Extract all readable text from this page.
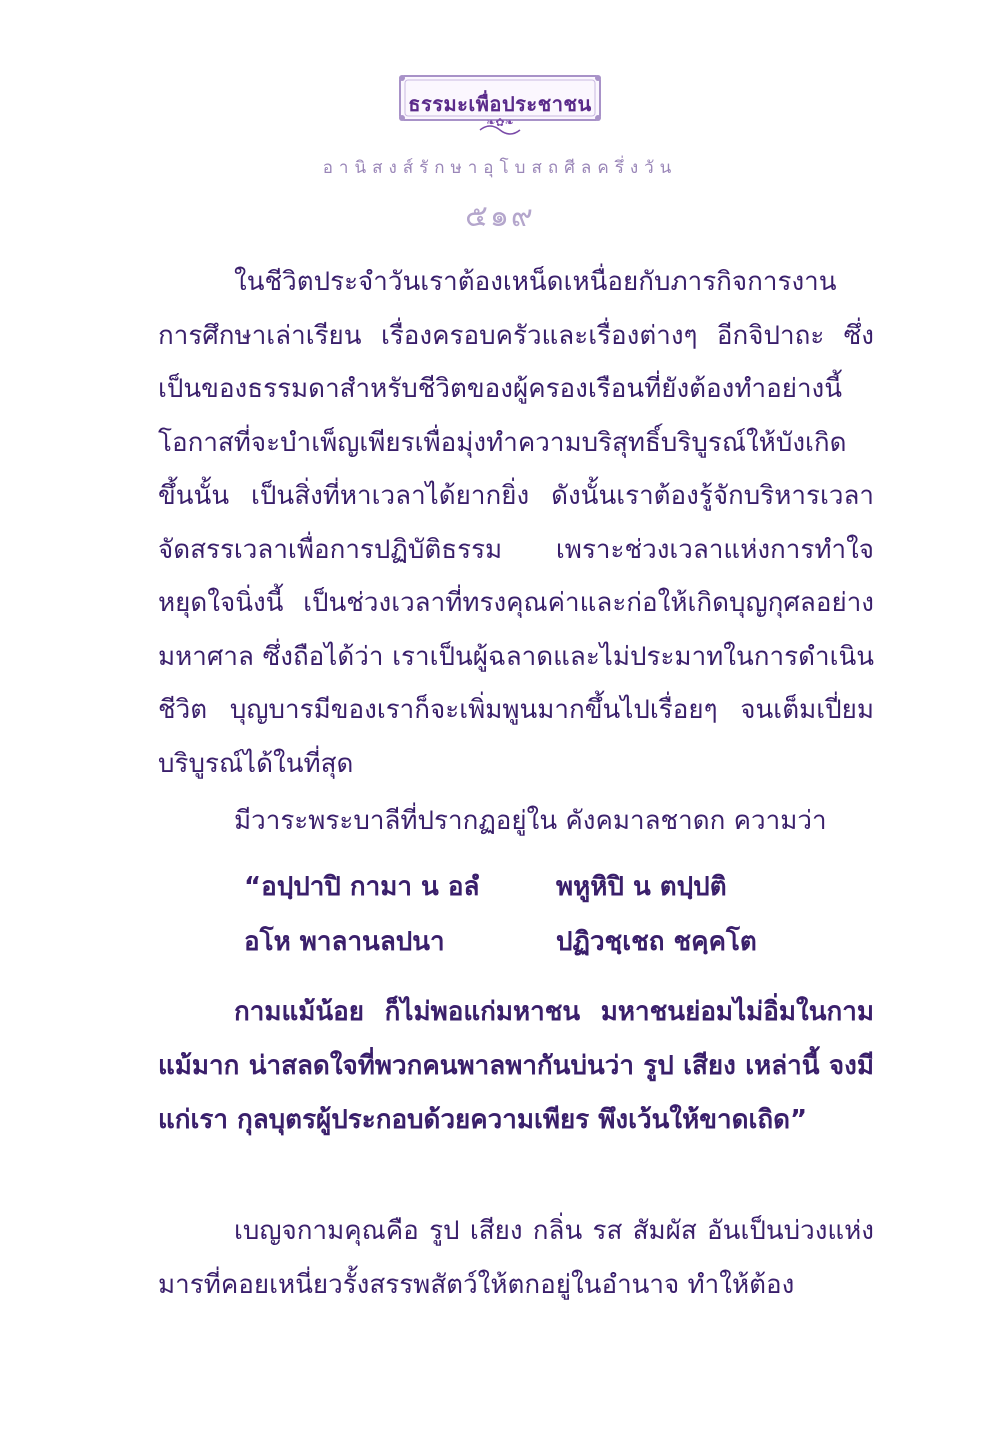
ธรรมะเพื่อประชาชน
❧✿❧
อานิสงส์รักษาอุโบสถศีลครึ่งวัน
๕๑๙

ในชีวิตประจำวันเราต้องเหน็ดเหนื่อยกับภารกิจการงาน การศึกษาเล่าเรียน เรื่องครอบครัวและเรื่องต่างๆ อีกจิปาถะ ซึ่งเป็นของธรรมดาสำหรับชีวิตของผู้ครองเรือนที่ยังต้องทำอย่างนี้ โอกาสที่จะบำเพ็ญเพียรเพื่อมุ่งทำความบริสุทธิ์บริบูรณ์ให้บังเกิดขึ้นนั้น เป็นสิ่งที่หาเวลาได้ยากยิ่ง ดังนั้นเราต้องรู้จักบริหารเวลา จัดสรรเวลาเพื่อการปฏิบัติธรรม เพราะช่วงเวลาแห่งการทำใจหยุดใจนิ่งนี้ เป็นช่วงเวลาที่ทรงคุณค่าและก่อให้เกิดบุญกุศลอย่างมหาศาล ซึ่งถือได้ว่า เราเป็นผู้ฉลาดและไม่ประมาทในการดำเนินชีวิต บุญบารมีของเราก็จะเพิ่มพูนมากขึ้นไปเรื่อยๆ จนเต็มเปี่ยมบริบูรณ์ได้ในที่สุด

มีวาระพระบาลีที่ปรากฏอยู่ใน คังคมาลชาดก ความว่า

“อปฺปาปิ กามา น อลํ	พหูหิปิ น ตปฺปติ
อโห พาลานลปนา	ปฏิวชฺเชถ ชคฺคโต

กามแม้น้อย ก็ไม่พอแก่มหาชน มหาชนย่อมไม่อิ่มในกามแม้มาก น่าสลดใจที่พวกคนพาลพากันบ่นว่า รูป เสียง เหล่านี้ จงมีแก่เรา กุลบุตรผู้ประกอบด้วยความเพียร พึงเว้นให้ขาดเถิด”

เบญจกามคุณคือ รูป เสียง กลิ่น รส สัมผัส อันเป็นบ่วงแห่งมารที่คอยเหนี่ยวรั้งสรรพสัตว์ให้ตกอยู่ในอำนาจ ทำให้ต้อง
